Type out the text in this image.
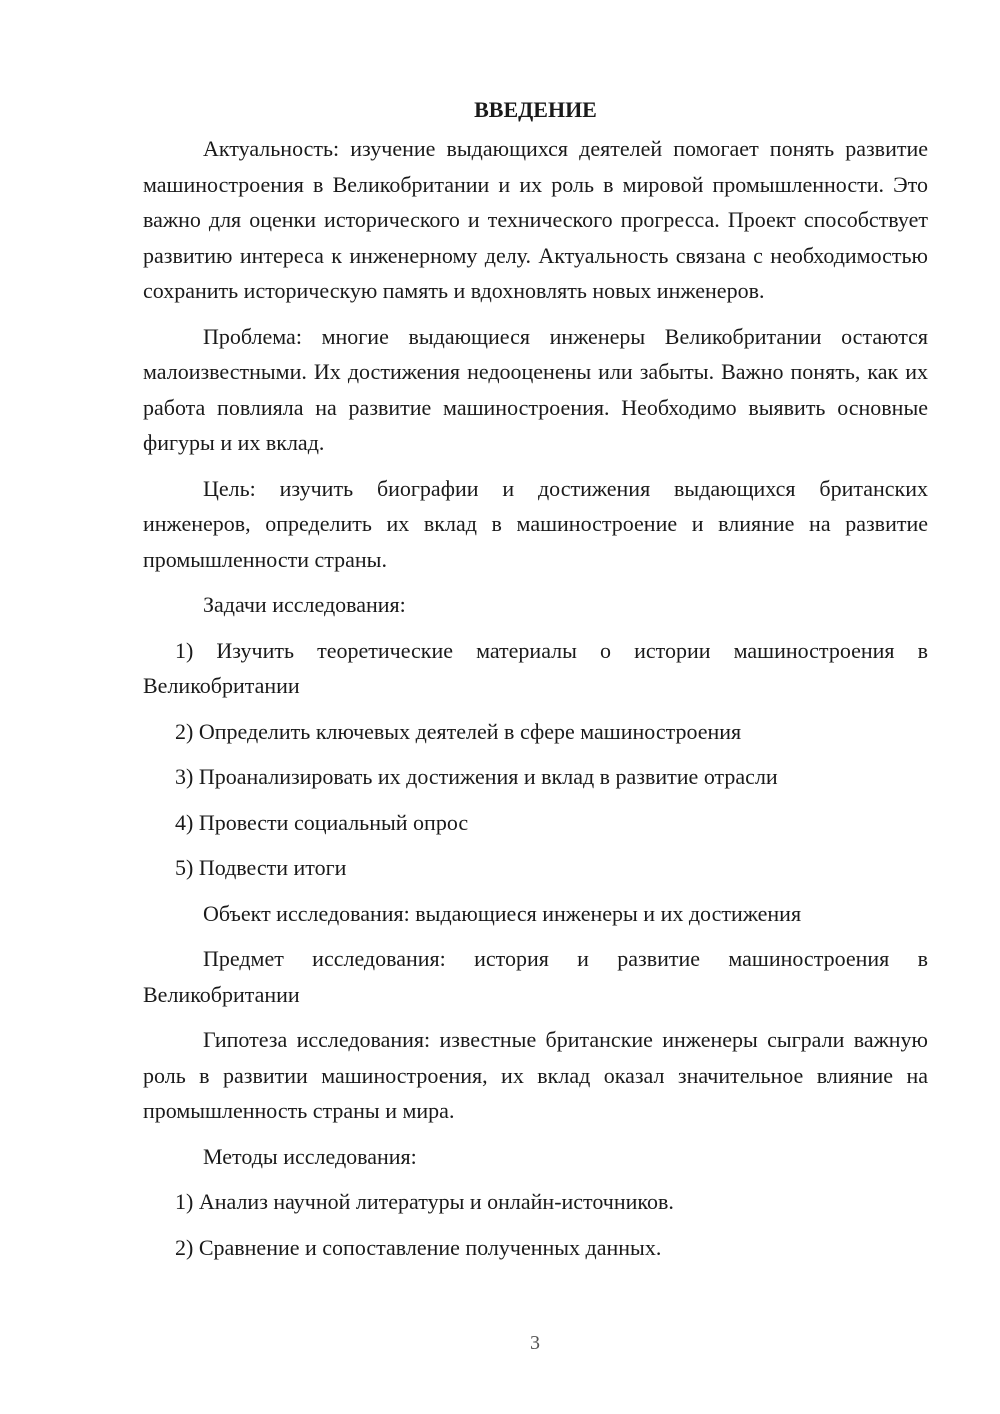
ВВЕДЕНИЕ

Актуальность: изучение выдающихся деятелей помогает понять развитие машиностроения в Великобритании и их роль в мировой промышленности. Это важно для оценки исторического и технического прогресса. Проект способствует развитию интереса к инженерному делу. Актуальность связана с необходимостью сохранить историческую память и вдохновлять новых инженеров.

Проблема: многие выдающиеся инженеры Великобритании остаются малоизвестными. Их достижения недооценены или забыты. Важно понять, как их работа повлияла на развитие машиностроения. Необходимо выявить основные фигуры и их вклад.

Цель: изучить биографии и достижения выдающихся британских инженеров, определить их вклад в машиностроение и влияние на развитие промышленности страны.

Задачи исследования:

1) Изучить теоретические материалы о истории машиностроения в Великобритании

2) Определить ключевых деятелей в сфере машиностроения

3) Проанализировать их достижения и вклад в развитие отрасли

4) Провести социальный опрос

5) Подвести итоги

Объект исследования: выдающиеся инженеры и их достижения

Предмет исследования: история и развитие машиностроения в Великобритании

Гипотеза исследования: известные британские инженеры сыграли важную роль в развитии машиностроения, их вклад оказал значительное влияние на промышленность страны и мира.

Методы исследования:

1) Анализ научной литературы и онлайн-источников.

2) Сравнение и сопоставление полученных данных.

3
